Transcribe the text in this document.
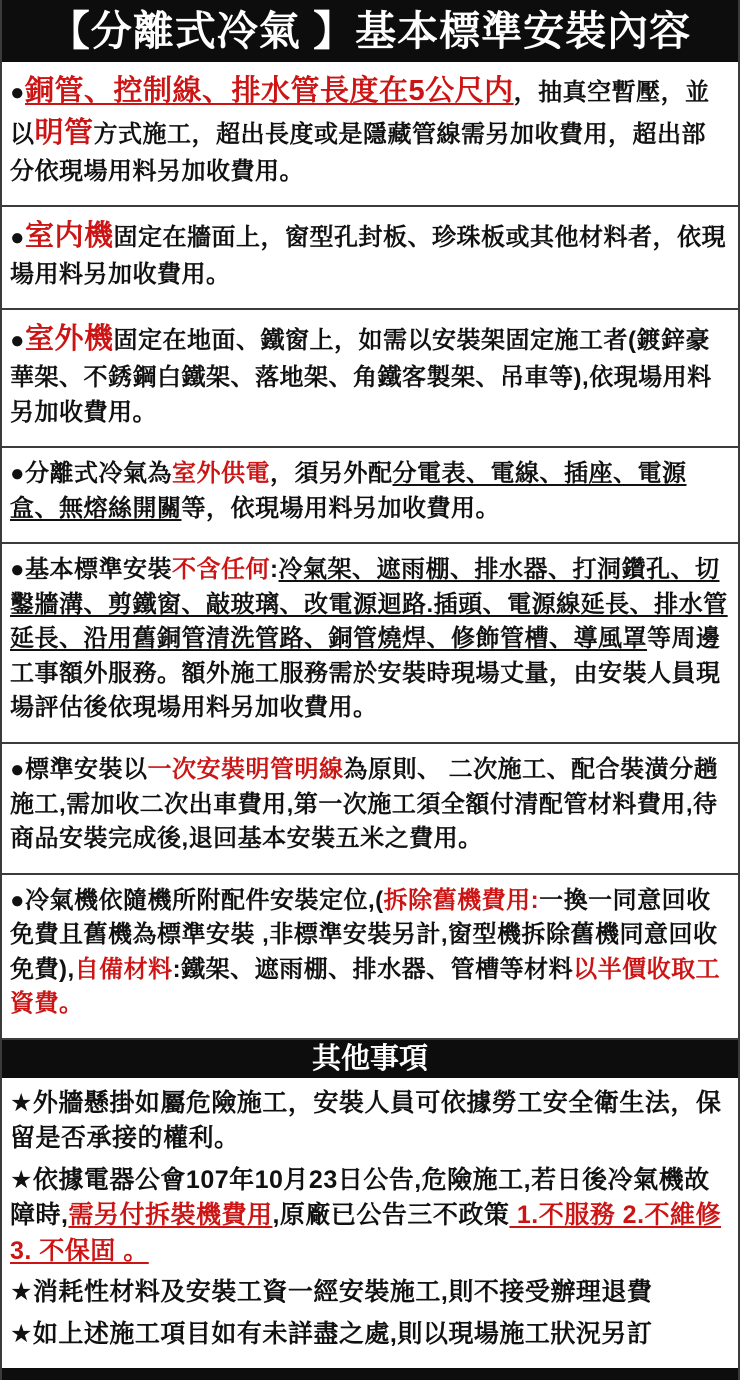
【分離式冷氣 】基本標準安裝內容
●銅管、控制線、排水管長度在5公尺内，抽真空暫壓，並以明管方式施工，超出長度或是隱藏管線需另加收費用，超出部分依現場用料另加收費用。
●室内機固定在牆面上，窗型孔封板、珍珠板或其他材料者，依現場用料另加收費用。
●室外機固定在地面、鐵窗上，如需以安裝架固定施工者(鍍鋅豪華架、不銹鋼白鐵架、落地架、角鐵客製架、吊車等),依現場用料另加收費用。
●分離式冷氣為室外供電，須另外配分電表、電線、插座、電源盒、無熔絲開關等，依現場用料另加收費用。
●基本標準安裝不含任何:冷氣架、遮雨棚、排水器、打洞鑽孔、切鑿牆溝、剪鐵窗、敲玻璃、改電源迴路.插頭、電源線延長、排水管延長、沿用舊銅管清洗管路、銅管燒焊、修飾管槽、導風罩等周邊工事額外服務。額外施工服務需於安裝時現場丈量，由安裝人員現場評估後依現場用料另加收費用。
●標準安裝以一次安裝明管明線為原則、 二次施工、配合裝潢分趟施工,需加收二次出車費用,第一次施工須全額付清配管材料費用,待商品安裝完成後,退回基本安裝五米之費用。
●冷氣機依隨機所附配件安裝定位,(拆除舊機費用:一換一同意回收免費且舊機為標準安裝 ,非標準安裝另計,窗型機拆除舊機同意回收免費),自備材料:鐵架、遮雨棚、排水器、管槽等材料以半價收取工資費。
其他事項
★外牆懸掛如屬危險施工，安裝人員可依據勞工安全衛生法，保留是否承接的權利。
★依據電器公會107年10月23日公告,危險施工,若日後冷氣機故障時,需另付拆裝機費用,原廠已公告三不政策 1.不服務 2.不維修 3. 不保固 。
★消耗性材料及安裝工資一經安裝施工,則不接受辦理退費
★如上述施工項目如有未詳盡之處,則以現場施工狀況另訂
